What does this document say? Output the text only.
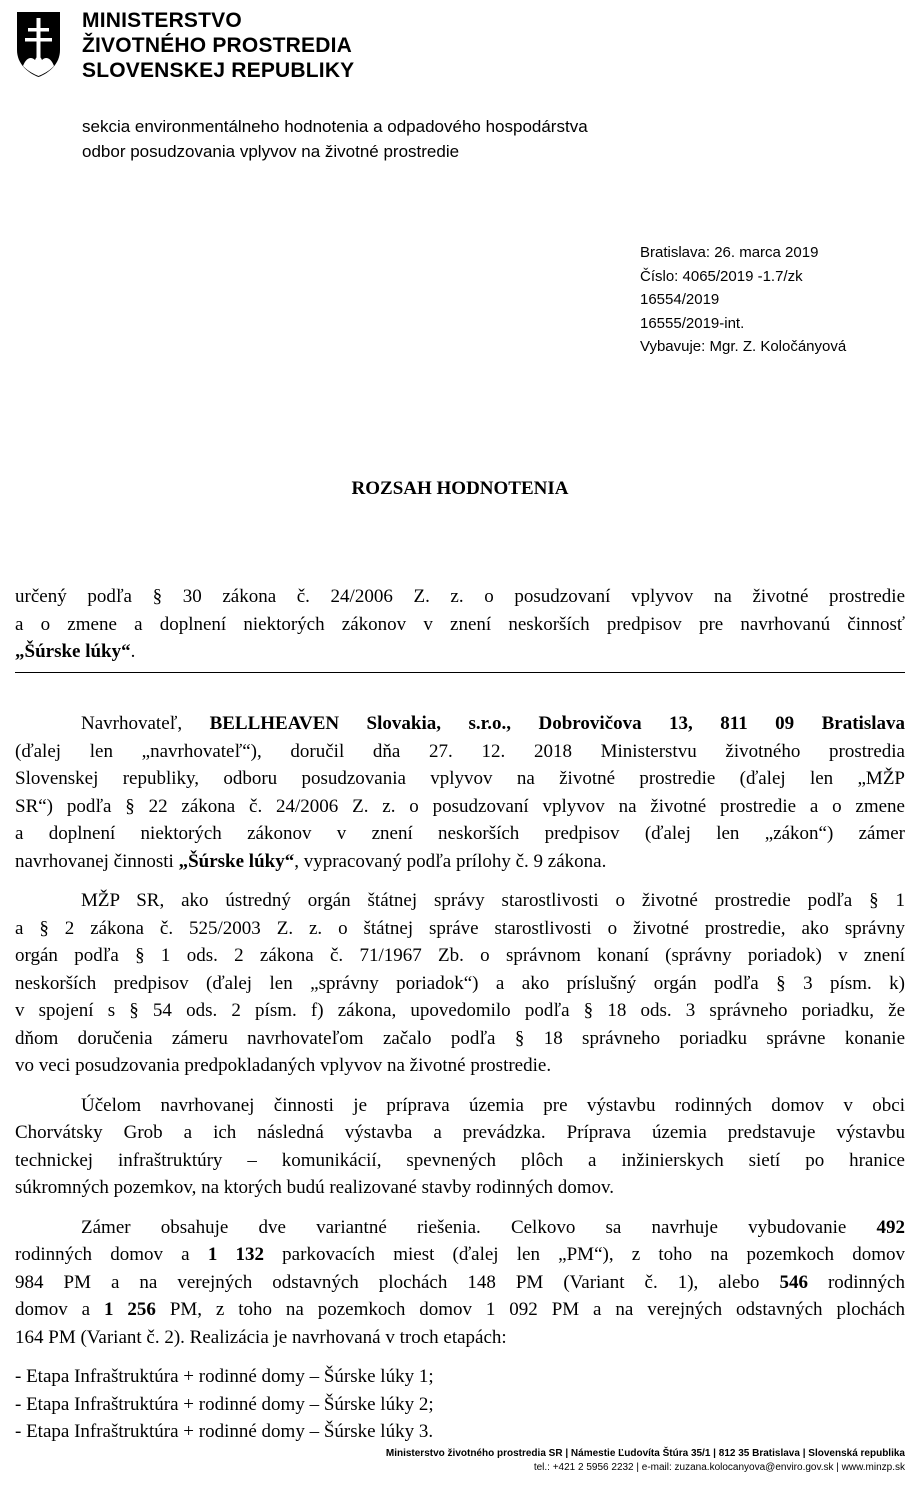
MINISTERSTVO
ŽIVOTNÉHO PROSTREDIA
SLOVENSKEJ REPUBLIKY
sekcia environmentálneho hodnotenia a odpadového hospodárstva
odbor posudzovania vplyvov na životné prostredie
Bratislava: 26. marca 2019
Číslo: 4065/2019 -1.7/zk
16554/2019
16555/2019-int.
Vybavuje: Mgr. Z. Koločányová
ROZSAH HODNOTENIA
určený podľa § 30 zákona č. 24/2006 Z. z. o posudzovaní vplyvov na životné prostredie
a o zmene a doplnení niektorých zákonov v znení neskorších predpisov pre navrhovanú činnosť
„Šúrske lúky“.
Navrhovateľ, BELLHEAVEN Slovakia, s.r.o., Dobrovičova 13, 811 09 Bratislava
(ďalej len „navrhovateľ“), doručil dňa 27. 12. 2018 Ministerstvu životného prostredia
Slovenskej republiky, odboru posudzovania vplyvov na životné prostredie (ďalej len „MŽP
SR“) podľa § 22 zákona č. 24/2006 Z. z. o posudzovaní vplyvov na životné prostredie a o zmene
a doplnení niektorých zákonov v znení neskorších predpisov (ďalej len „zákon“) zámer
navrhovanej činnosti „Šúrske lúky“, vypracovaný podľa prílohy č. 9 zákona.
MŽP SR, ako ústredný orgán štátnej správy starostlivosti o životné prostredie podľa § 1
a § 2 zákona č. 525/2003 Z. z. o štátnej správe starostlivosti o životné prostredie, ako správny
orgán podľa § 1 ods. 2 zákona č. 71/1967 Zb. o správnom konaní (správny poriadok) v znení
neskorších predpisov (ďalej len „správny poriadok“) a ako príslušný orgán podľa § 3 písm. k)
v spojení s § 54 ods. 2 písm. f) zákona, upovedomilo podľa § 18 ods. 3 správneho poriadku, že
dňom doručenia zámeru navrhovateľom začalo podľa § 18 správneho poriadku správne konanie
vo veci posudzovania predpokladaných vplyvov na životné prostredie.
Účelom navrhovanej činnosti je príprava územia pre výstavbu rodinných domov v obci
Chorvátsky Grob a ich následná výstavba a prevádzka. Príprava územia predstavuje výstavbu
technickej infraštruktúry – komunikácií, spevnených plôch a inžinierskych sietí po hranice
súkromných pozemkov, na ktorých budú realizované stavby rodinných domov.
Zámer obsahuje dve variantné riešenia. Celkovo sa navrhuje vybudovanie 492
rodinných domov a 1 132 parkovacích miest (ďalej len „PM“), z toho na pozemkoch domov
984 PM a na verejných odstavných plochách 148 PM (Variant č. 1), alebo 546 rodinných
domov a 1 256 PM, z toho na pozemkoch domov 1 092 PM a na verejných odstavných plochách
164 PM (Variant č. 2). Realizácia je navrhovaná v troch etapách:
- Etapa Infraštruktúra + rodinné domy – Šúrske lúky 1;
- Etapa Infraštruktúra + rodinné domy – Šúrske lúky 2;
- Etapa Infraštruktúra + rodinné domy – Šúrske lúky 3.
Ministerstvo životného prostredia SR | Námestie Ľudovíta Štúra 35/1 | 812 35 Bratislava | Slovenská republika
tel.: +421 2 5956 2232 | e-mail: zuzana.kolocanyova@enviro.gov.sk | www.minzp.sk
